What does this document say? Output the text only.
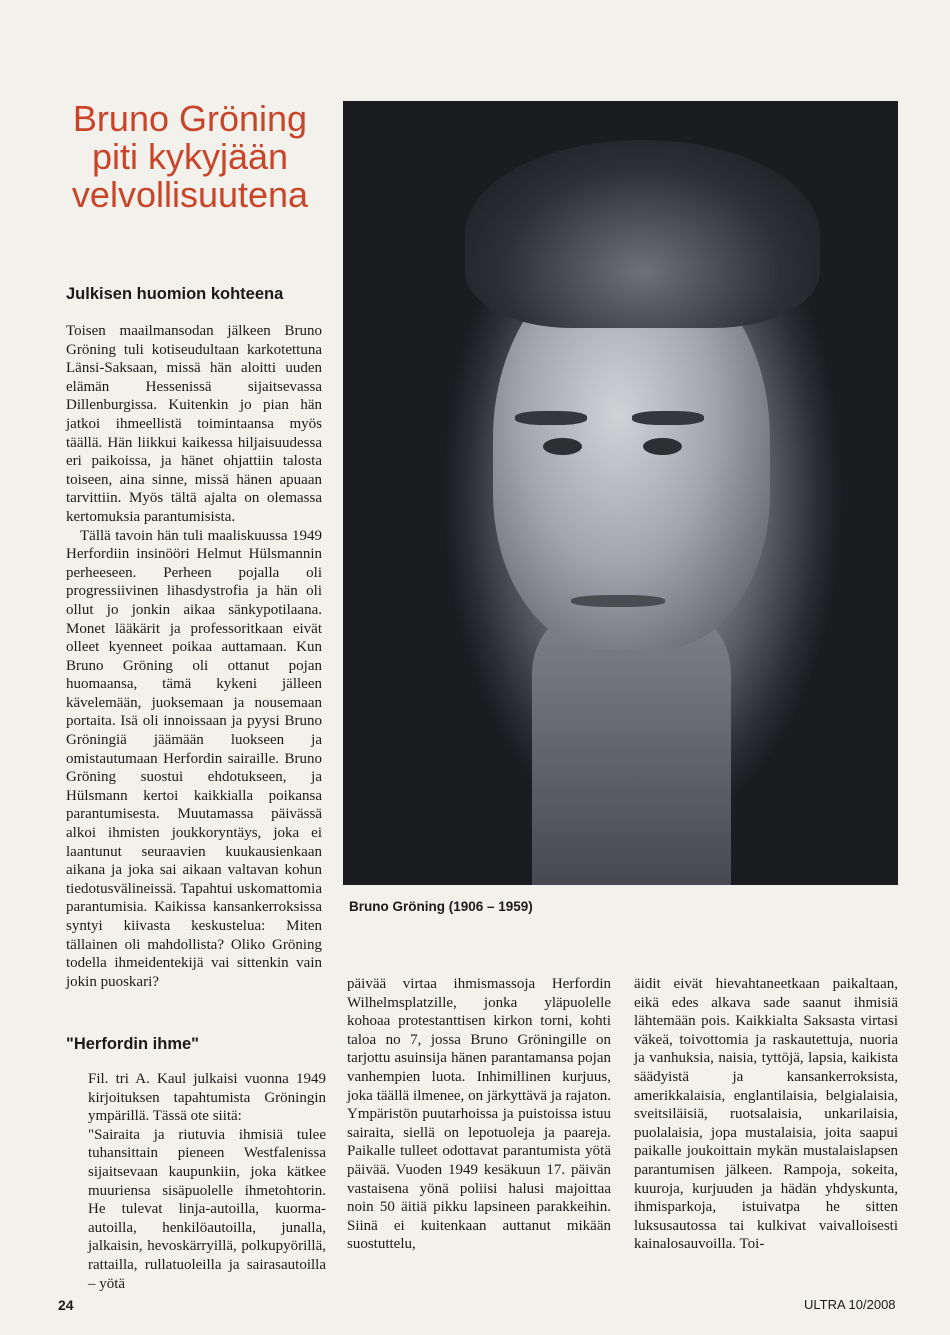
Bruno Gröning
piti kykyjään
velvollisuutena
Julkisen huomion kohteena

Toisen maailmansodan jälkeen Bruno Gröning tuli kotiseudultaan karkotettuna Länsi-Saksaan, missä hän aloitti uuden elämän Hessenissä sijaitsevassa Dillenburgissa. Kuitenkin jo pian hän jatkoi ihmeellistä toimintaansa myös täällä. Hän liikkui kaikessa hiljaisuudessa eri paikoissa, ja hänet ohjattiin talosta toiseen, aina sinne, missä hänen apuaan tarvittiin. Myös tältä ajalta on olemassa kertomuksia parantumisista.

Tällä tavoin hän tuli maaliskuussa 1949 Herfordiin insinööri Helmut Hülsmannin perheeseen. Perheen pojalla oli progressiivinen lihasdystrofia ja hän oli ollut jo jonkin aikaa sänkypotilaana. Monet lääkärit ja professoritkaan eivät olleet kyenneet poikaa auttamaan. Kun Bruno Gröning oli ottanut pojan huomaansa, tämä kykeni jälleen kävelemään, juoksemaan ja nousemaan portaita. Isä oli innoissaan ja pyysi Bruno Gröningiä jäämään luokseen ja omistautumaan Herfordin sairaille. Bruno Gröning suostui ehdotukseen, ja Hülsmann kertoi kaikkialla poikansa parantumisesta. Muutamassa päivässä alkoi ihmisten joukkoryntäys, joka ei laantunut seuraavien kuukausienkaan aikana ja joka sai aikaan valtavan kohun tiedotusvälineissä. Tapahtui uskomattomia parantumisia. Kaikissa kansankerroksissa syntyi kiivasta keskustelua: Miten tällainen oli mahdollista? Oliko Gröning todella ihmeidentekijä vai sittenkin vain jokin puoskari?

"Herfordin ihme"

Fil. tri A. Kaul julkaisi vuonna 1949 kirjoituksen tapahtumista Gröningin ympärillä. Tässä ote siitä:

"Sairaita ja riutuvia ihmisiä tulee tuhansittain pieneen Westfalenissa sijaitsevaan kaupunkiin, joka kätkee muuriensa sisäpuolelle ihmetohtorin. He tulevat linja-autoilla, kuorma-autoilla, henkilöautoilla, junalla, jalkaisin, hevoskärryillä, polkupyörillä, rattailla, rullatuoleilla ja sairasautoilla – yötä

Bruno Gröning (1906 – 1959)

päivää virtaa ihmismassoja Herfordin Wilhelmsplatzille, jonka yläpuolelle kohoaa protestanttisen kirkon torni, kohti taloa no 7, jossa Bruno Gröningille on tarjottu asuinsija hänen parantamansa pojan vanhempien luota. Inhimillinen kurjuus, joka täällä ilmenee, on järkyttävä ja rajaton. Ympäristön puutarhoissa ja puistoissa istuu sairaita, siellä on lepotuoleja ja paareja. Paikalle tulleet odottavat parantumista yötä päivää. Vuoden 1949 kesäkuun 17. päivän vastaisena yönä poliisi halusi majoittaa noin 50 äitiä pikku lapsineen parakkeihin. Siinä ei kuitenkaan auttanut mikään suostuttelu,

äidit eivät hievahtaneetkaan paikaltaan, eikä edes alkava sade saanut ihmisiä lähtemään pois. Kaikkialta Saksasta virtasi väkeä, toivottomia ja raskautettuja, nuoria ja vanhuksia, naisia, tyttöjä, lapsia, kaikista säädyistä ja kansankerroksista, amerikkalaisia, englantilaisia, belgialaisia, sveitsiläisiä, ruotsalaisia, unkarilaisia, puolalaisia, jopa mustalaisia, joita saapui paikalle joukoittain mykän mustalaislapsen parantumisen jälkeen. Rampoja, sokeita, kuuroja, kurjuuden ja hädän yhdyskunta, ihmisparkoja, istuivatpa he sitten luksusautossa tai kulkivat vaivalloisesti kainalosauvoilla. Toi-

24	ULTRA 10/2008
